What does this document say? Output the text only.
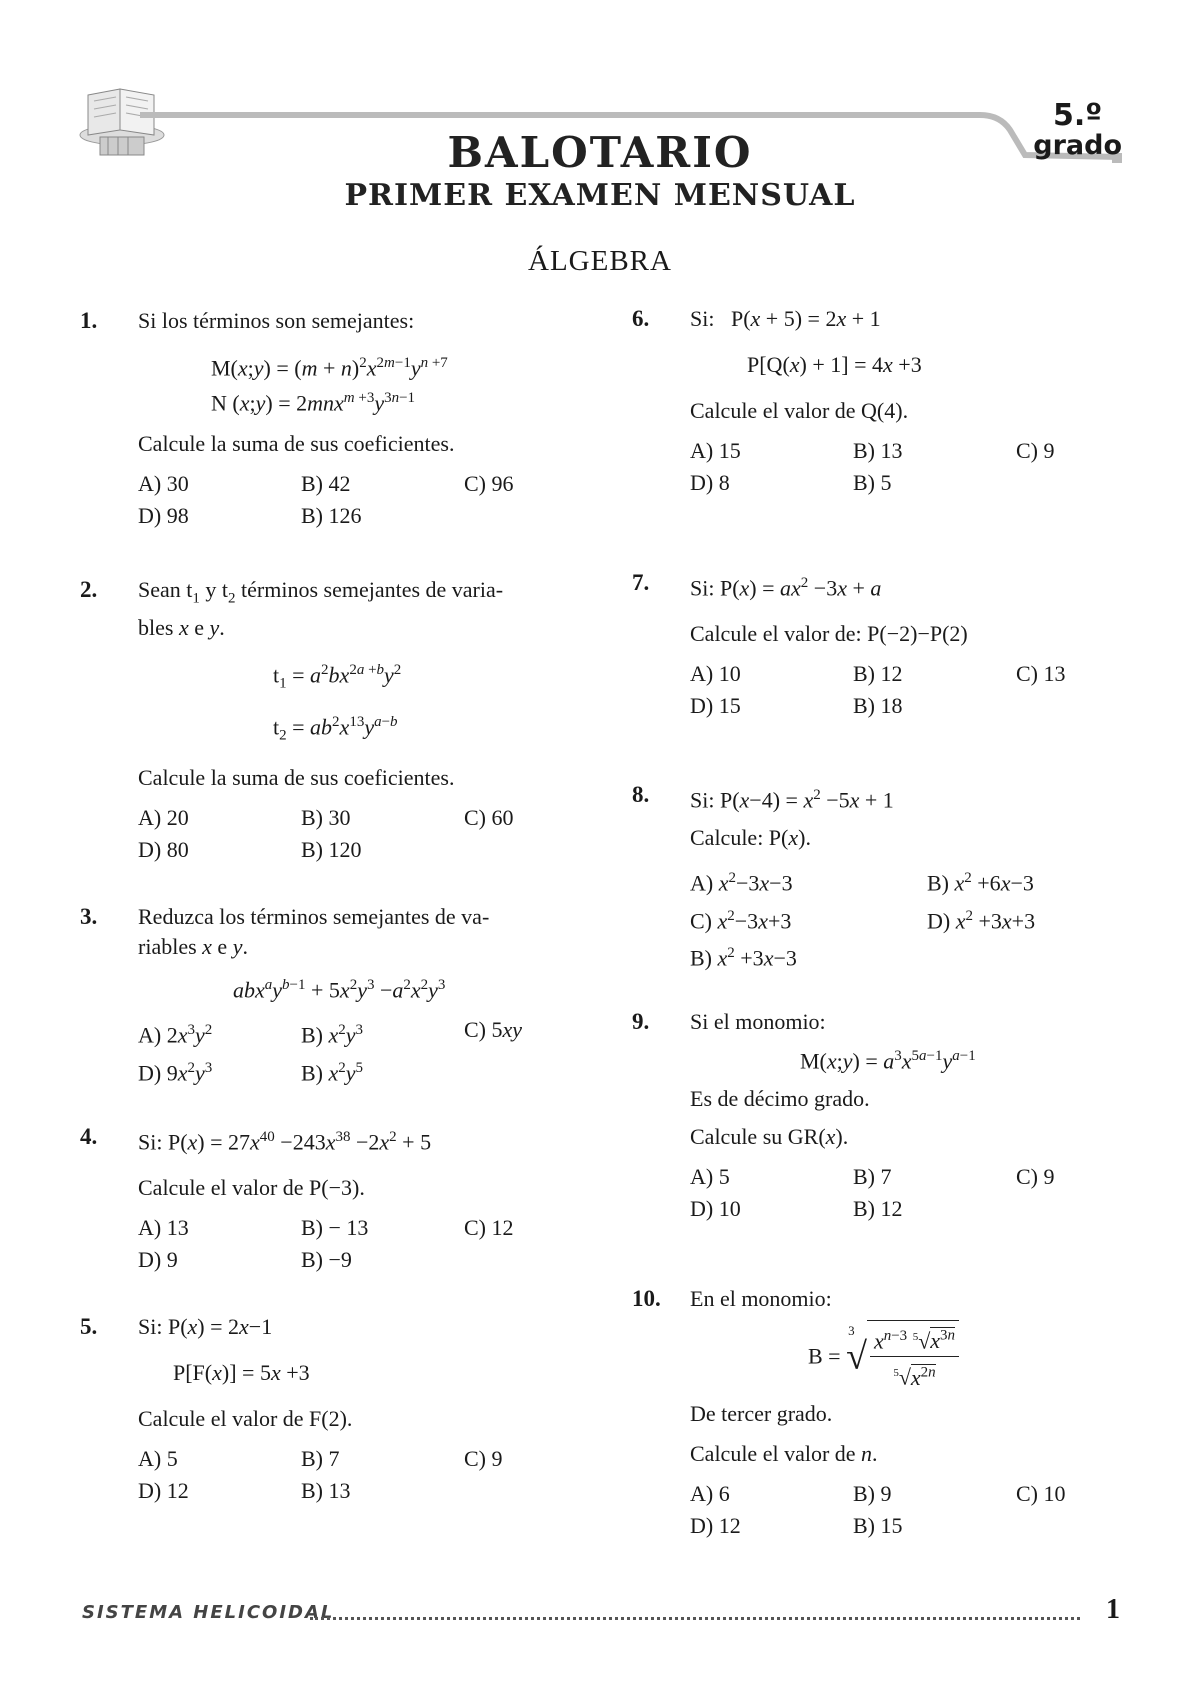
BALOTARIO
PRIMER EXAMEN MENSUAL
5.º
grado
ÁLGEBRA
1. Si los términos son semejantes:
M(x;y) = $(m + n)^2x^{2m-1}y^{n +7}$
N (x;y) = $2mnx^{m +3}y^{3n-1}$
Calcule la suma de sus coeficientes.
A) 30	B) 42	C) 96
D) 98	B) 126
2. Sean $t_1$ y $t_2$ términos semejantes de varia-
bles x e y.
$t_1 = a^2bx^{2a +b}y^2$
$t_2 = ab^2x^{13}y^{a-b}$
Calcule la suma de sus coeficientes.
A) 20	B) 30	C) 60
D) 80	B) 120
3. Reduzca los términos semejantes de va-
riables x e y.
$abx^ay^{b-1} + 5x^2y^3 -a^2x^2y^3$
A) $2x^3y^2$	B) $x^2y^3$	C) 5xy
D) $9x^2y^3$	B) $x^2y^5$
4. Si: $P(x) = 27x^{40} -243x^{38} -2x^2 + 5$
Calcule el valor de P(−3).
A) 13	B) − 13	C) 12
D) 9	B) −9
5. Si: P(x) = 2x−1
P[F(x)] = 5x +3
Calcule el valor de F(2).
A) 5	B) 7	C) 9
D) 12	B) 13
6. Si:   P(x + 5) = 2x + 1
P[Q(x) + 1] = 4x +3
Calcule el valor de Q(4).
A) 15	B) 13	C) 9
D) 8	B) 5
7. Si: $P(x) = ax^2 -3x + a$
Calcule el valor de: P(−2)−P(2)
A) 10	B) 12	C) 13
D) 15	B) 18
8. Si: $P(x-4) = x^2 -5x + 1$
Calcule: P(x).
A) $x^2-3x-3$	B) $x^2 +6x-3$
C) $x^2-3x+3$	D) $x^2 +3x+3$
B) $x^2 +3x-3$
9. Si el monomio:
M(x;y) = $a^3x^{5a-1}y^{a-1}$
Es de décimo grado.
Calcule su GR(x).
A) 5	B) 7	C) 9
D) 10	B) 12
10. En el monomio:
B =
3
√ $\frac{x^{n-3} ^5√x^{3n}}{^5√x^{2n}}$
De tercer grado.
Calcule el valor de n.
A) 6	B) 9	C) 10
D) 12	B) 15
SISTEMA HELICOIDAL	1
